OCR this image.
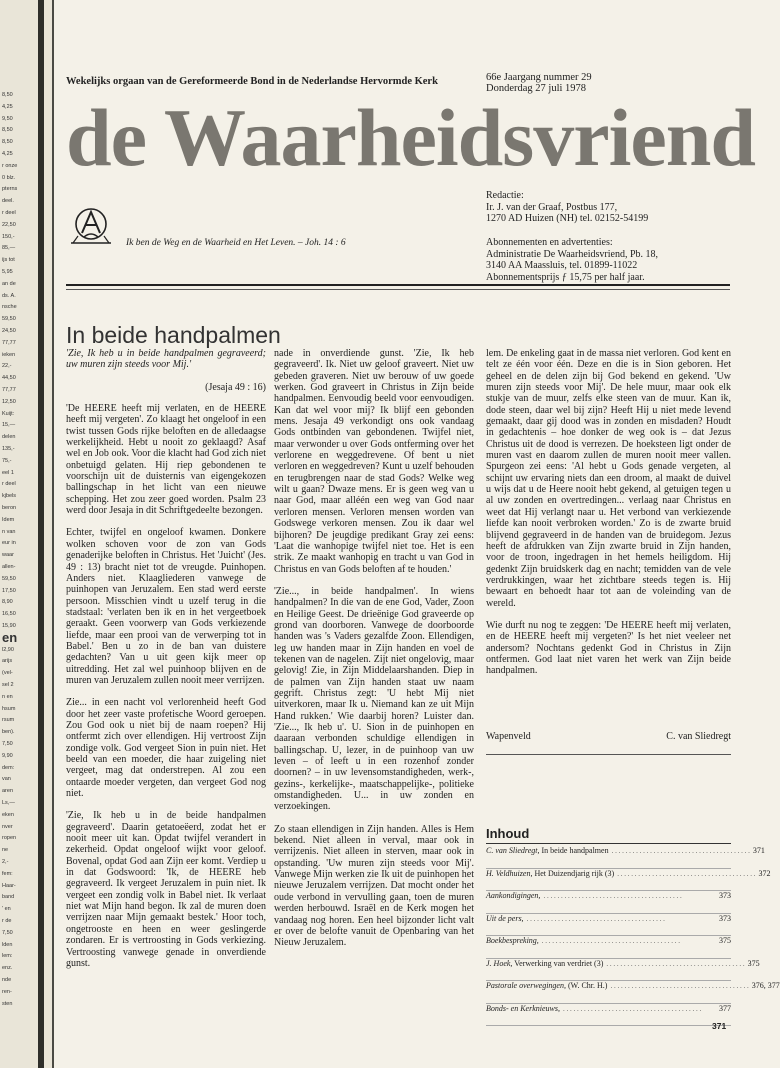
8,50
4,25
9,50
8,50
8,50
4,25
r onze
0 blz.
pterns
deel.
r deel
22,50
150,-
85,—
ijs tot
5,95
an de
ds. A.
nsche
59,50
24,50
77,77
ieken
22,-
44,50
77,77
12,50
Kuijt:
15,—
delen
135,-
75,-
eel 1
r deel
kjbels
beron
Idem
n van
eur in
waar
allen-
59,50
17,50
8,90
16,50
15,90
en
l2,90
arijs
(vel-
sel 2
n en
hsum
rsum
ben).
7,50
9,90
dem:
van
aren
Ls,—
eken
nver
ropen
ne
2,-
fem:
Haar-
band
' en
r de
7,50
lden
lem:
enz.
nde
ren-
sten
Wekelijks orgaan van de Gereformeerde Bond in de Nederlandse Hervormde Kerk	66e Jaargang nummer 29
Donderdag 27 juli 1978
de Waarheidsvriend
Ik ben de Weg en de Waarheid en Het Leven. – Joh. 14 : 6
Redactie:
Ir. J. van der Graaf, Postbus 177,
1270 AD Huizen (NH) tel. 02152-54199
Abonnementen en advertenties:
Administratie De Waarheidsvriend, Pb. 18,
3140 AA Maassluis, tel. 01899-11022
Abonnementsprijs ƒ 15,75 per half jaar.
In beide handpalmen

'Zie, Ik heb u in beide handpalmen gegraveerd; uw muren zijn steeds voor Mij.'

(Jesaja 49 : 16)

'De HEERE heeft mij verlaten, en de HEERE heeft mij vergeten'. Zo klaagt het ongeloof in een twist tussen Gods rijke beloften en de alledaagse werkelijkheid. Hebt u nooit zo geklaagd? Asaf wel en Job ook. Voor die klacht had God zich niet onbetuigd gelaten. Hij riep gebondenen te voorschijn uit de duisternis van eigengekozen ballingschap in het licht van een nieuwe schepping. Het zou zeer goed worden. Psalm 23 werd door Jesaja in dit Schriftgedeelte bezongen.

Echter, twijfel en ongeloof kwamen. Donkere wolken schoven voor de zon van Gods genaderijke beloften in Christus. Het 'Juicht' (Jes. 49 : 13) bracht niet tot de vreugde. Puinhopen. Anders niet. Klaagliederen vanwege de puinhopen van Jeruzalem. Een stad werd eerste persoon. Misschien vindt u uzelf terug in die stadstaal: 'verlaten ben ik en in het vergeetboek geraakt. Geen voorwerp van Gods verkiezende liefde, maar een prooi van de verwerping tot in Babel.' Ben u zo in de ban van duistere gedachten? Van u uit geen kijk meer op uitredding. Het zal wel puinhoop blijven en de muren van Jeruzalem zullen nooit meer verrijzen.

Zie... in een nacht vol verlorenheid heeft God door het zeer vaste profetische Woord geroepen. Zou God ook u niet bij de naam roepen? Hij ontfermt zich over ellendigen. Hij vertroost Zijn zondige volk. God vergeet Sion in puin niet. Het beeld van een moeder, die haar zuigeling niet vergeet, mag dat onderstrepen. Al zou een ontaarde moeder vergeten, dan vergeet God nog niet.

'Zie, Ik heb u in de beide handpalmen gegraveerd'. Daarin getatoeëerd, zodat het er nooit meer uit kan. Opdat twijfel verandert in zekerheid. Opdat ongeloof wijkt voor geloof. Bovenal, opdat God aan Zijn eer komt. Verdiep u in dat Godswoord: 'Ik, de HEERE heb gegraveerd. Ik vergeet Jeruzalem in puin niet. Ik vergeet een zondig volk in Babel niet. Ik verlaat niet wat Mijn hand begon. Ik zal de muren doen verrijzen naar Mijn gemaakt bestek.' Hoor toch, ongetrooste en heen en weer geslingerde zondaren. Er is vertroosting in Gods verkiezing. Vertroosting vanwege genade in onverdiende gunst.

nade in onverdiende gunst. 'Zie, Ik heb gegraveerd'. Ik. Niet uw geloof graveert. Niet uw gebeden graveren. Niet uw berouw of uw goede werken. God graveert in Christus in Zijn beide handpalmen. Eenvoudig beeld voor eenvoudigen. Kan dat wel voor mij? Ik blijf een gebonden mens. Jesaja 49 verkondigt ons ook vandaag Gods ontbinden van gebondenen. Twijfel niet, maar verwonder u over Gods ontferming over het verlorene en weggedrevene. Of bent u niet verloren en weggedreven? Kunt u uzelf behouden en terugbrengen naar de stad Gods? Welke weg wilt u gaan? Dwaze mens. Er is geen weg van u naar God, maar alléén een weg van God naar verloren mensen. Verloren mensen worden van Godswege verkoren mensen. Zou ik daar wel bijhoren? De jeugdige predikant Gray zei eens: 'Laat die wanhopige twijfel niet toe. Het is een strik. Ze maakt wanhopig en tracht u van God in Christus en van Gods beloften af te houden.'

'Zie..., in beide handpalmen'. In wiens handpalmen? In die van de ene God, Vader, Zoon en Heilige Geest. De drieënige God graveerde op grond van doorboren. Vanwege de doorboorde handen was 's Vaders gezalfde Zoon. Ellendigen, leg uw handen maar in Zijn handen en voel de tekenen van de nagelen. Zijt niet ongelovig, maar gelovig! Zie, in Zijn Middelaarshanden. Diep in de palmen van Zijn handen staat uw naam gegrift. Christus zegt: 'U hebt Mij niet uitverkoren, maar Ik u. Niemand kan ze uit Mijn Hand rukken.' Wie daarbij horen? Luister dan. 'Zie..., Ik heb u'. U. Sion in de puinhopen en daaraan verbonden schuldige ellendigen in ballingschap. U, lezer, in de puinhoop van uw leven – of leeft u in een rozenhof zonder doornen? – in uw levensomstandigheden, werk-, gezins-, kerkelijke-, maatschappelijke-, politieke omstandigheden. U... in uw zonden en verzoekingen.

Zo staan ellendigen in Zijn handen. Alles is Hem bekend. Niet alleen in verval, maar ook in verrijzenis. Niet alleen in sterven, maar ook in opstanding. 'Uw muren zijn steeds voor Mij'. Vanwege Mijn werken zie Ik uit de puinhopen het nieuwe Jeruzalem verrijzen. Dat mocht onder het oude verbond in vervulling gaan, toen de muren werden herbouwd. Israël en de Kerk mogen het vandaag nog horen. Een heel bijzonder licht valt er over de belofte vanuit de Openbaring van het Nieuw Jeruzalem.

lem. De enkeling gaat in de massa niet verloren. God kent en telt ze één voor één. Deze en die is in Sion geboren. Het geheel en de delen zijn bij God bekend en gekend. 'Uw muren zijn steeds voor Mij'. De hele muur, maar ook elk stukje van de muur, zelfs elke steen van de muur. Kan ik, dode steen, daar wel bij zijn? Heeft Hij u niet mede levend gemaakt, daar gij dood was in zonden en misdaden? Houdt in gedachtenis – hoe donker de weg ook is – dat Jezus Christus uit de dood is verrezen. De hoeksteen ligt onder de muren vast en daarom zullen de muren nooit meer vallen. Spurgeon zei eens: 'Al hebt u Gods genade vergeten, al schijnt uw ervaring niets dan een droom, al maakt de duivel u wijs dat u de Heere nooit hebt gekend, al getuigen tegen u al uw zonden en overtredingen... verlaag naar Christus en weet dat Hij verlangt naar u. Het verbond van verkiezende liefde kan nooit verbroken worden.' Zo is de zwarte bruid blijvend gegraveerd in de handen van de bruidegom. Jezus heeft de afdrukken van Zijn zwarte bruid in Zijn handen, voor de troon, ingedragen in het hemels heiligdom. Hij gedenkt Zijn bruidskerk dag en nacht; temidden van de vele verdrukkingen, waar het zichtbare steeds tegen is. Hij bewaart en behoedt haar tot aan de voleinding van de wereld.

Wie durft nu nog te zeggen: 'De HEERE heeft mij verlaten, en de HEERE heeft mij vergeten?' Is het niet veeleer net andersom? Nochtans gedenkt God in Christus in Zijn ontfermen. God laat niet varen het werk van Zijn beide handpalmen.

Wapenveld	C. van Sliedregt
Inhoud
C. van Sliedregt, In beide handpalmen . . . . . . . . . . . . . . . . . . . . . . . . . . . . . . . . . . . . . . . . 371
H. Veldhuizen, Het Duizendjarig rijk (3) . . . . . . . . . . . . . . . . . . . . . . . . . . . . . . . . . . . . . . . . 372
Aankondigingen, . . . . . . . . . . . . . . . . . . . . . . . . . . . . . . . . . . . . . . . .	373
Uit de pers, . . . . . . . . . . . . . . . . . . . . . . . . . . . . . . . . . . . . . . . .	373
Boekbespreking, . . . . . . . . . . . . . . . . . . . . . . . . . . . . . . . . . . . . . . . .	375
J. Hoek, Verwerking van verdriet (3) . . . . . . . . . . . . . . . . . . . . . . . . . . . . . . . . . . . . . . . . 375
Pastorale overwegingen, (W. Chr. H.) . . . . . . . . . . . . . . . . . . . . . . . . . . . . . . . . . . . . . . . . 376, 377
Bonds- en Kerknieuws, . . . . . . . . . . . . . . . . . . . . . . . . . . . . . . . . . . . . . . . .	377
371
